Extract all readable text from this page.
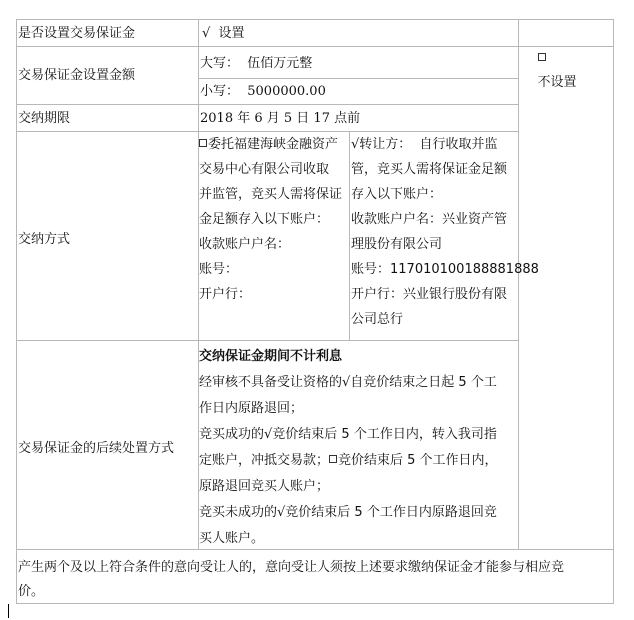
是否设置交易保证金	√  设置

不设置

交易保证金设置金额
大写：  伍佰万元整
小写：  5000000.00
交纳期限	2018 年 6 月 5 日 17 点前
交纳方式
委托福建海峡金融资产
交易中心有限公司收取
并监管，竞买人需将保证
金足额存入以下账户：
收款账户户名：
账号：
开户行：
√转让方：  自行收取并监
管，竞买人需将保证金足额
存入以下账户：
收款账户户名：兴业资产管
理股份有限公司
账号：117010100188881888
开户行：兴业银行股份有限
公司总行
交易保证金的后续处置方式
交纳保证金期间不计利息
经审核不具备受让资格的√自竞价结束之日起 5 个工
作日内原路退回；
竞买成功的√竞价结束后 5 个工作日内，转入我司指
定账户，冲抵交易款； 竞价结束后 5 个工作日内，
原路退回竞买人账户；
竞买未成功的√竞价结束后 5 个工作日内原路退回竞
买人账户。
产生两个及以上符合条件的意向受让人的，意向受让人须按上述要求缴纳保证金才能参与相应竞
价。
